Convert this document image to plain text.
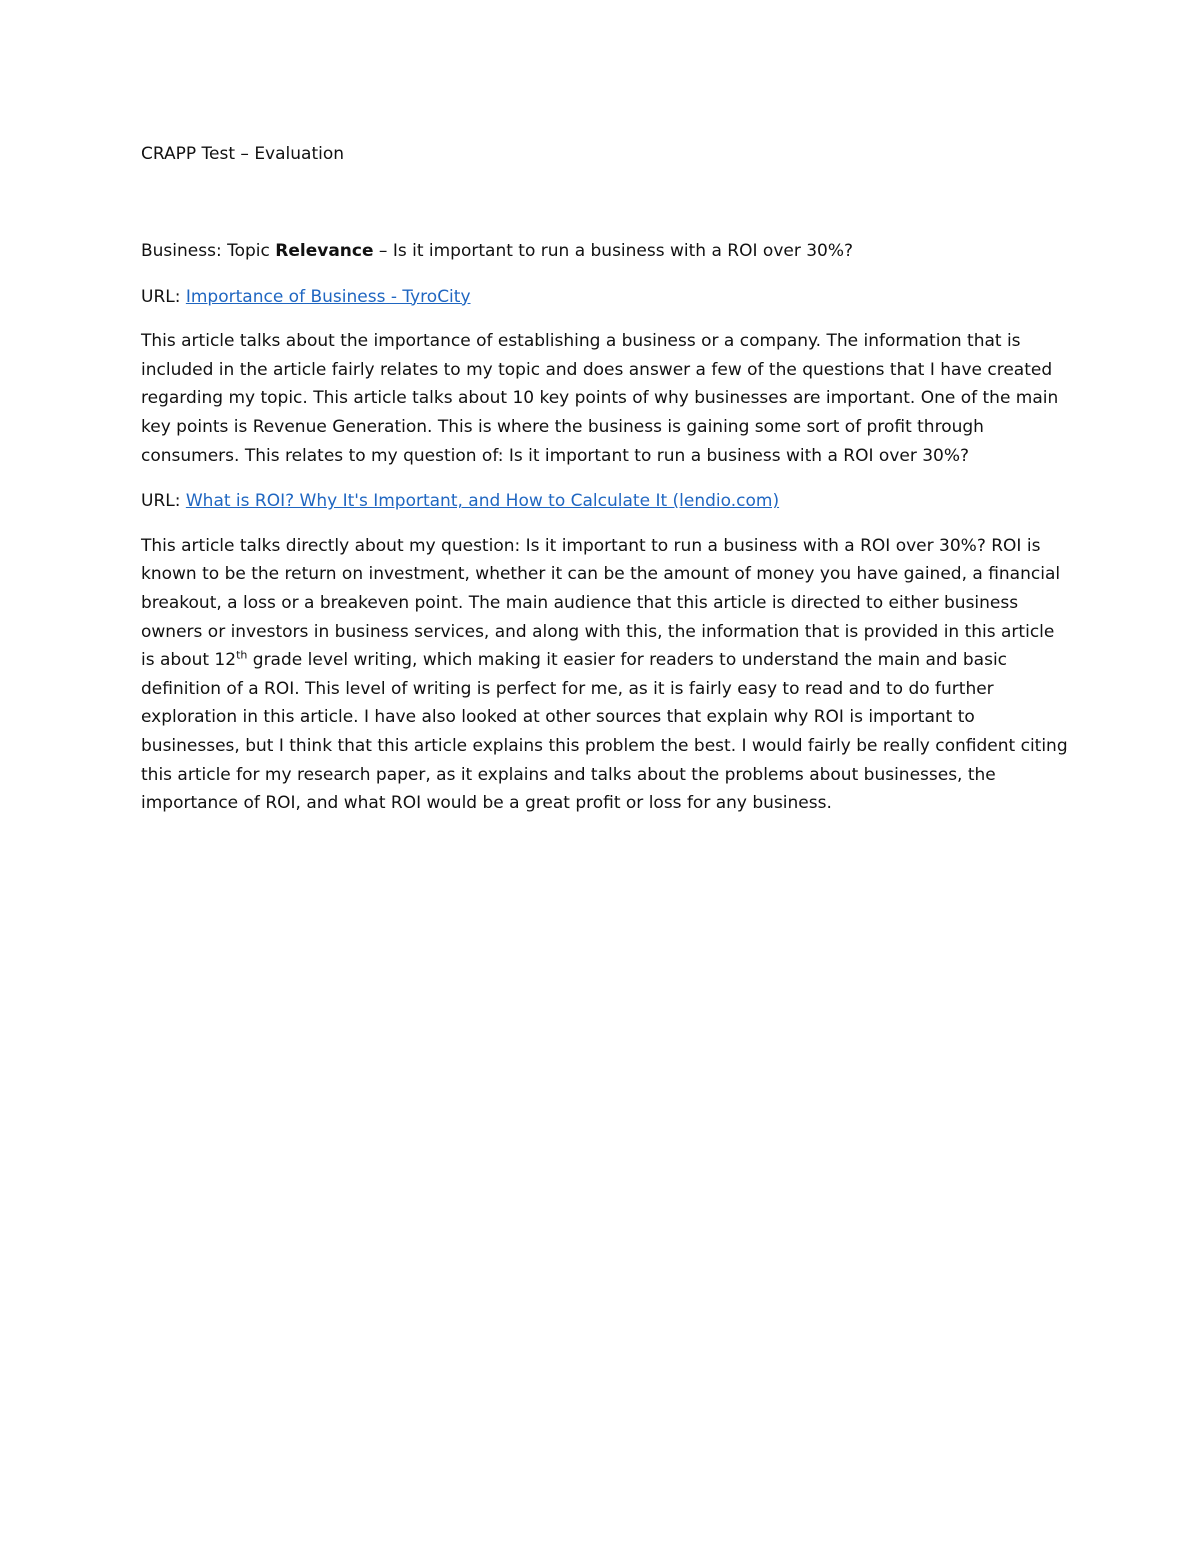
CRAPP Test – Evaluation

Business: Topic Relevance – Is it important to run a business with a ROI over 30%?

URL: Importance of Business - TyroCity

This article talks about the importance of establishing a business or a company. The information that is included in the article fairly relates to my topic and does answer a few of the questions that I have created regarding my topic. This article talks about 10 key points of why businesses are important. One of the main key points is Revenue Generation. This is where the business is gaining some sort of profit through consumers. This relates to my question of: Is it important to run a business with a ROI over 30%?

URL: What is ROI? Why It's Important, and How to Calculate It (lendio.com)

This article talks directly about my question: Is it important to run a business with a ROI over 30%? ROI is known to be the return on investment, whether it can be the amount of money you have gained, a financial breakout, a loss or a breakeven point. The main audience that this article is directed to either business owners or investors in business services, and along with this, the information that is provided in this article is about 12th grade level writing, which making it easier for readers to understand the main and basic definition of a ROI. This level of writing is perfect for me, as it is fairly easy to read and to do further exploration in this article. I have also looked at other sources that explain why ROI is important to businesses, but I think that this article explains this problem the best. I would fairly be really confident citing this article for my research paper, as it explains and talks about the problems about businesses, the importance of ROI, and what ROI would be a great profit or loss for any business.
